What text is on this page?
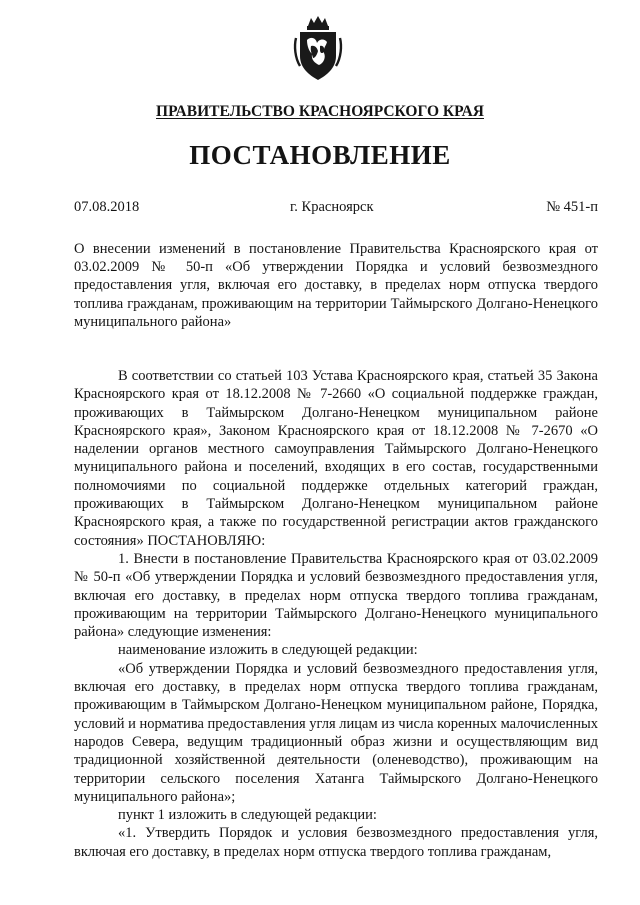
ПРАВИТЕЛЬСТВО КРАСНОЯРСКОГО КРАЯ
ПОСТАНОВЛЕНИЕ
07.08.2018	г. Красноярск	№ 451-п
О внесении изменений в постановление Правительства Красноярского края от 03.02.2009 № 50-п «Об утверждении Порядка и условий безвозмездного предоставления угля, включая его доставку, в пределах норм отпуска твердого топлива гражданам, проживающим на территории Таймырского Долгано-Ненецкого муниципального района»

В соответствии со статьей 103 Устава Красноярского края, статьей 35 Закона Красноярского края от 18.12.2008 № 7-2660 «О социальной поддержке граждан, проживающих в Таймырском Долгано-Ненецком муниципальном районе Красноярского края», Законом Красноярского края от 18.12.2008 № 7-2670 «О наделении органов местного самоуправления Таймырского Долгано-Ненецкого муниципального района и поселений, входящих в его состав, государственными полномочиями по социальной поддержке отдельных категорий граждан, проживающих в Таймырском Долгано-Ненецком муниципальном районе Красноярского края, а также по государственной регистрации актов гражданского состояния» ПОСТАНОВЛЯЮ:

1. Внести в постановление Правительства Красноярского края от 03.02.2009 № 50-п «Об утверждении Порядка и условий безвозмездного предоставления угля, включая его доставку, в пределах норм отпуска твердого топлива гражданам, проживающим на территории Таймырского Долгано-Ненецкого муниципального района» следующие изменения:

наименование изложить в следующей редакции:

«Об утверждении Порядка и условий безвозмездного предоставления угля, включая его доставку, в пределах норм отпуска твердого топлива гражданам, проживающим в Таймырском Долгано-Ненецком муниципальном районе, Порядка, условий и норматива предоставления угля лицам из числа коренных малочисленных народов Севера, ведущим традиционный образ жизни и осуществляющим вид традиционной хозяйственной деятельности (оленеводство), проживающим на территории сельского поселения Хатанга Таймырского Долгано-Ненецкого муниципального района»;

пункт 1 изложить в следующей редакции:

«1. Утвердить Порядок и условия безвозмездного предоставления угля, включая его доставку, в пределах норм отпуска твердого топлива гражданам,
